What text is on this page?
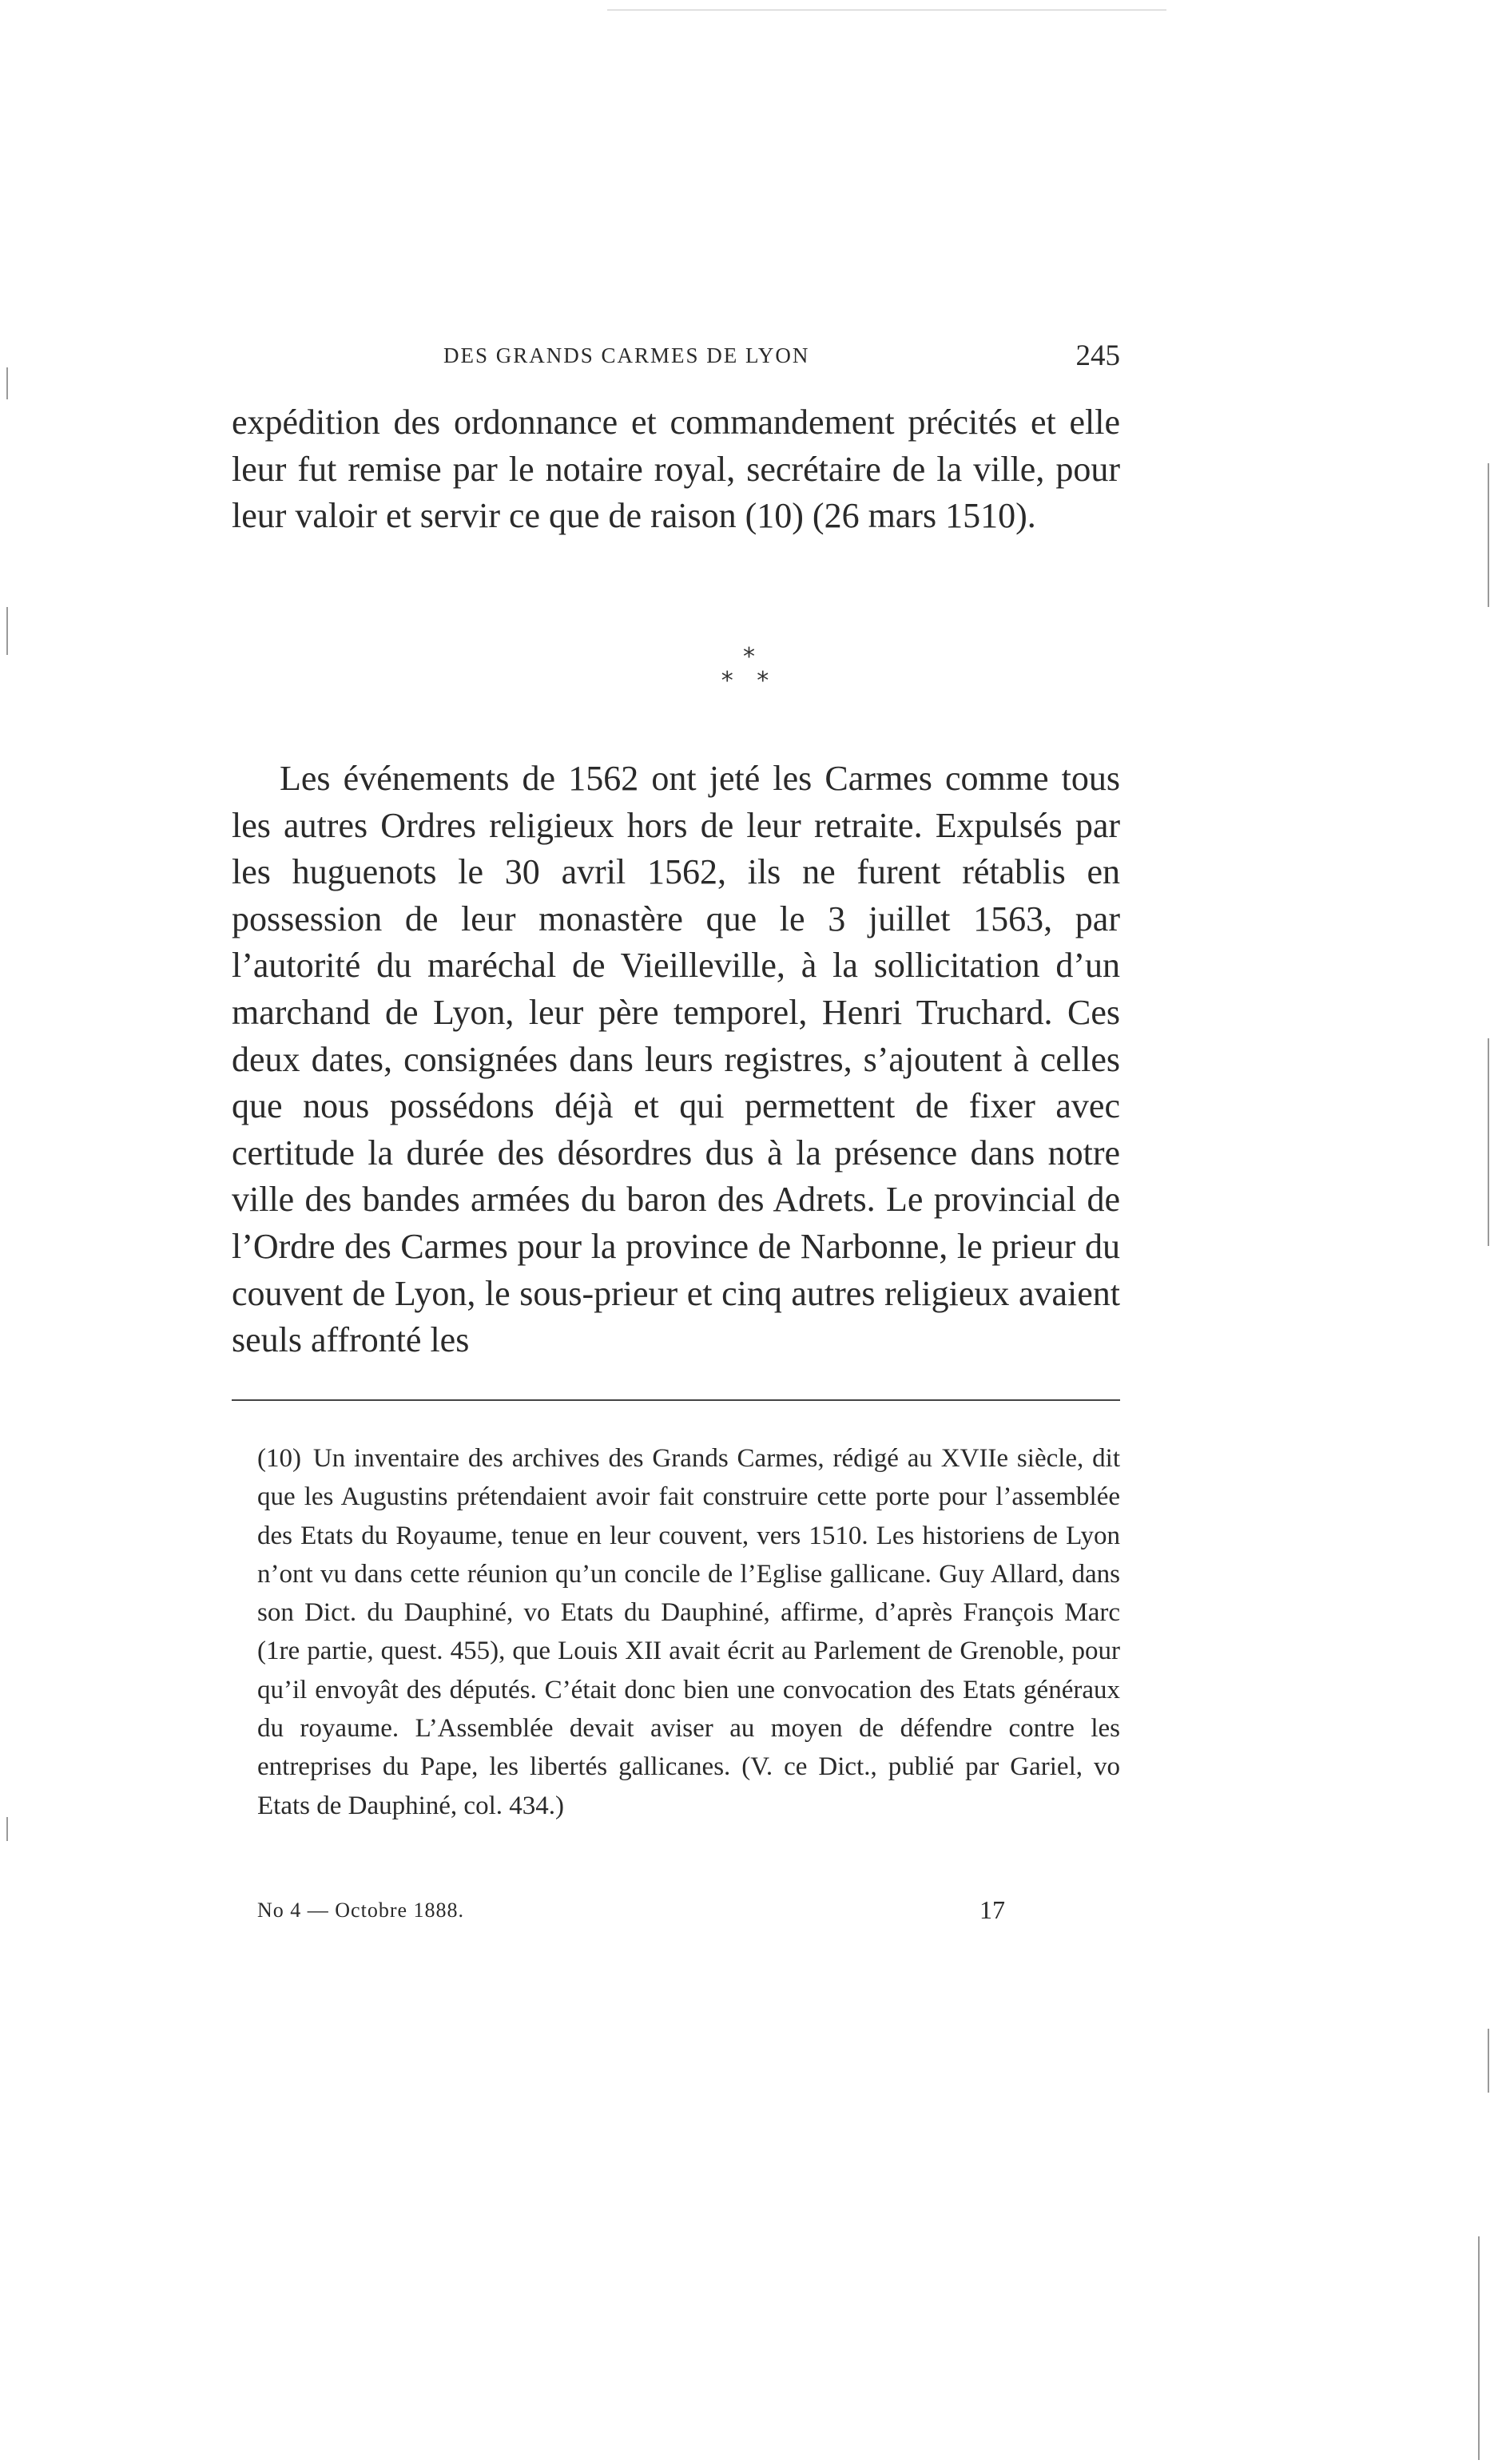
DES GRANDS CARMES DE LYON	245

expédition des ordonnance et commandement précités et elle leur fut remise par le notaire royal, secrétaire de la ville, pour leur valoir et servir ce que de raison (10) (26 mars 1510).

*
* *

Les événements de 1562 ont jeté les Carmes comme tous les autres Ordres religieux hors de leur retraite. Expulsés par les huguenots le 30 avril 1562, ils ne furent rétablis en possession de leur monastère que le 3 juillet 1563, par l’autorité du maréchal de Vieilleville, à la sollicitation d’un marchand de Lyon, leur père temporel, Henri Truchard. Ces deux dates, consignées dans leurs registres, s’ajoutent à celles que nous possédons déjà et qui permettent de fixer avec certitude la durée des désordres dus à la présence dans notre ville des bandes armées du baron des Adrets. Le provincial de l’Ordre des Carmes pour la province de Narbonne, le prieur du couvent de Lyon, le sous-prieur et cinq autres religieux avaient seuls affronté les

(10) Un inventaire des archives des Grands Carmes, rédigé au XVIIe siècle, dit que les Augustins prétendaient avoir fait construire cette porte pour l’assemblée des Etats du Royaume, tenue en leur couvent, vers 1510. Les historiens de Lyon n’ont vu dans cette réunion qu’un concile de l’Eglise gallicane. Guy Allard, dans son Dict. du Dauphiné, vo Etats du Dauphiné, affirme, d’après François Marc (1re partie, quest. 455), que Louis XII avait écrit au Parlement de Grenoble, pour qu’il envoyât des députés. C’était donc bien une convocation des Etats généraux du royaume. L’Assemblée devait aviser au moyen de défendre contre les entreprises du Pape, les libertés gallicanes. (V. ce Dict., publié par Gariel, vo Etats de Dauphiné, col. 434.)

No 4 — Octobre 1888.	17
